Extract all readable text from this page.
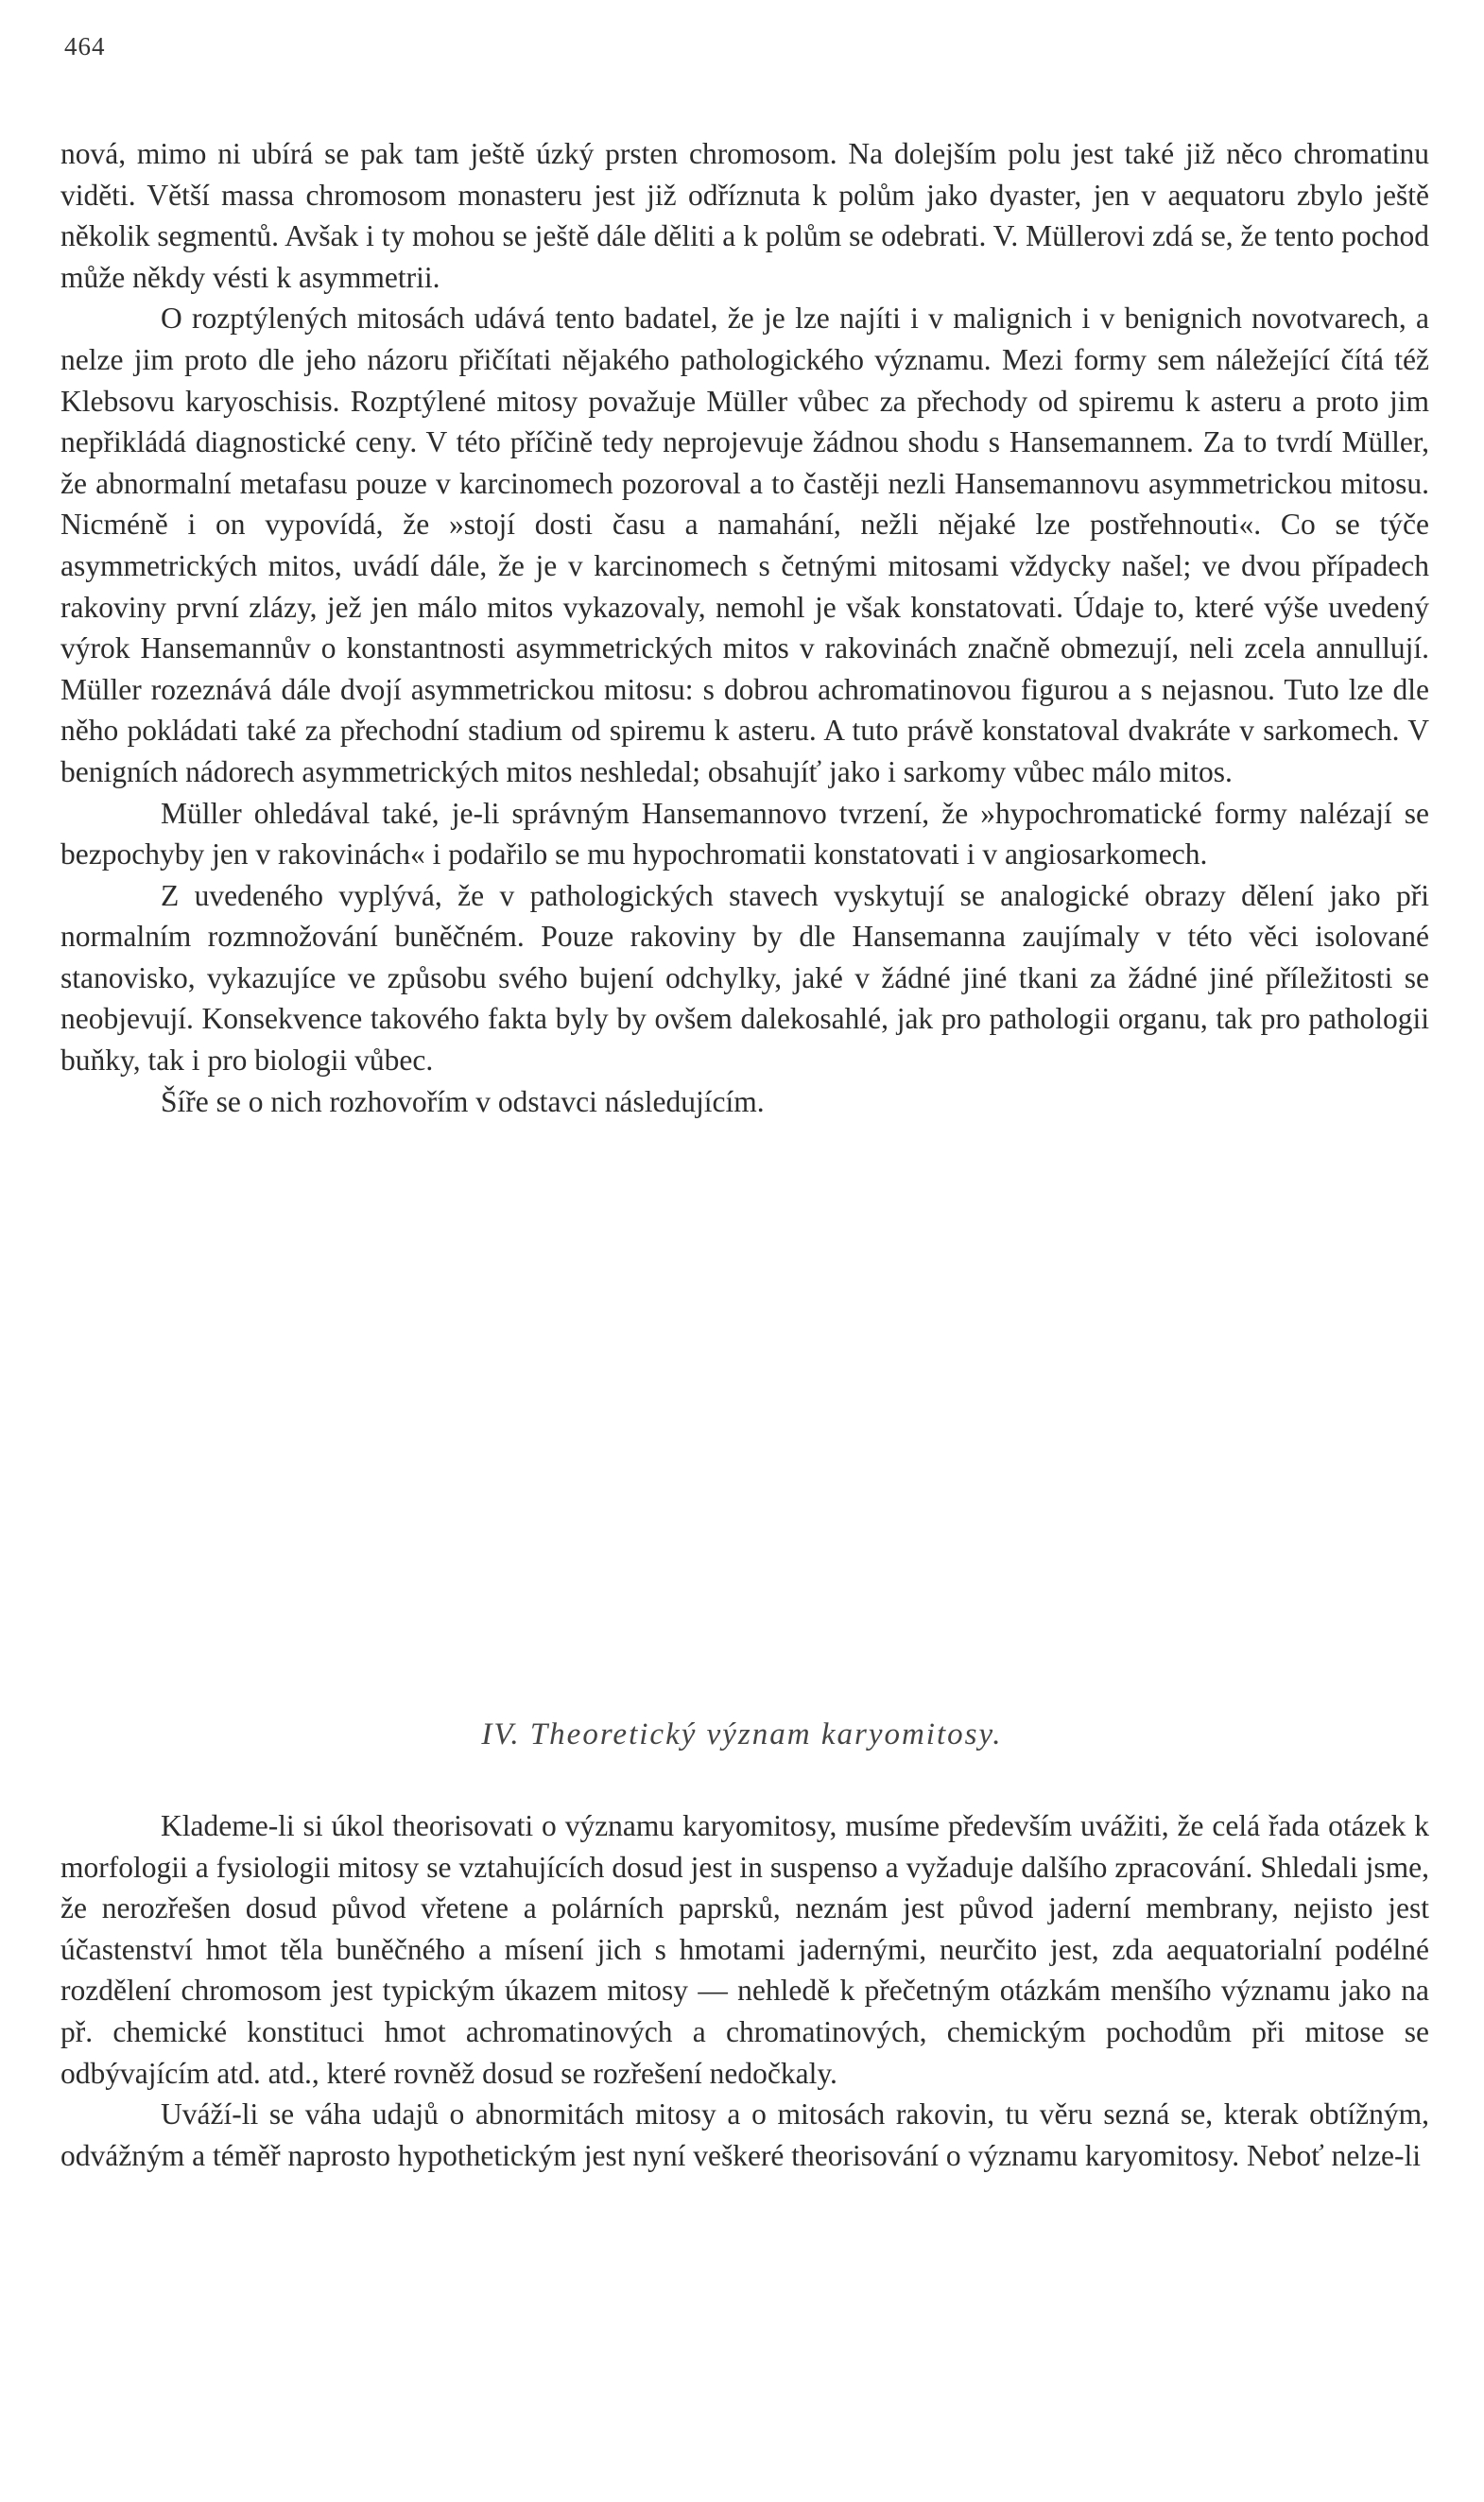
464

nová, mimo ni ubírá se pak tam ještě úzký prsten chromosom. Na dolejším polu jest také již něco chromatinu viděti. Větší massa chromosom monasteru jest již odříznuta k polům jako dyaster, jen v aequatoru zbylo ještě několik segmentů. Avšak i ty mohou se ještě dále děliti a k polům se odebrati. V. Müllerovi zdá se, že tento pochod může někdy vésti k asymmetrii.

O rozptýlených mitosách udává tento badatel, že je lze najíti i v malignich i v benignich novotvarech, a nelze jim proto dle jeho názoru přičítati nějakého pathologického významu. Mezi formy sem náležející čítá též Klebsovu karyoschisis. Rozptýlené mitosy považuje Müller vůbec za přechody od spiremu k asteru a proto jim nepřikládá diagnostické ceny. V této příčině tedy neprojevuje žádnou shodu s Hansemannem. Za to tvrdí Müller, že abnormalní metafasu pouze v karcinomech pozoroval a to častěji nezli Hansemannovu asymmetrickou mitosu. Nicméně i on vypovídá, že »stojí dosti času a namahání, nežli nějaké lze postřehnouti«. Co se týče asymmetrických mitos, uvádí dále, že je v karcinomech s četnými mitosami vždycky našel; ve dvou případech rakoviny první zlázy, jež jen málo mitos vykazovaly, nemohl je však konstatovati. Údaje to, které výše uvedený výrok Hansemannův o konstantnosti asymmetrických mitos v rakovinách značně obmezují, neli zcela annullují. Müller rozeznává dále dvojí asymmetrickou mitosu: s dobrou achromatinovou figurou a s nejasnou. Tuto lze dle něho pokládati také za přechodní stadium od spiremu k asteru. A tuto právě konstatoval dvakráte v sarkomech. V benigních nádorech asymmetrických mitos neshledal; obsahujíť jako i sarkomy vůbec málo mitos.

Müller ohledával také, je-li správným Hansemannovo tvrzení, že »hypochromatické formy nalézají se bezpochyby jen v rakovinách« i podařilo se mu hypochromatii konstatovati i v angiosarkomech.

Z uvedeného vyplývá, že v pathologických stavech vyskytují se analogické obrazy dělení jako při normalním rozmnožování buněčném. Pouze rakoviny by dle Hansemanna zaujímaly v této věci isolované stanovisko, vykazujíce ve způsobu svého bujení odchylky, jaké v žádné jiné tkani za žádné jiné příležitosti se neobjevují. Konsekvence takového fakta byly by ovšem dalekosahlé, jak pro pathologii organu, tak pro pathologii buňky, tak i pro biologii vůbec.

Šíře se o nich rozhovořím v odstavci následujícím.

IV. Theoretický význam karyomitosy.

Klademe-li si úkol theorisovati o významu karyomitosy, musíme především uvážiti, že celá řada otázek k morfologii a fysiologii mitosy se vztahujících dosud jest in suspenso a vyžaduje dalšího zpracování. Shledali jsme, že nerozřešen dosud původ vřetene a polárních paprsků, neznám jest původ jaderní membrany, nejisto jest účastenství hmot těla buněčného a mísení jich s hmotami jadernými, neurčito jest, zda aequatorialní podélné rozdělení chromosom jest typickým úkazem mitosy — nehledě k přečetným otázkám menšího významu jako na př. chemické konstituci hmot achromatinových a chromatinových, chemickým pochodům při mitose se odbývajícím atd. atd., které rovněž dosud se rozřešení nedočkaly.

Uváží-li se váha udajů o abnormitách mitosy a o mitosách rakovin, tu věru sezná se, kterak obtížným, odvážným a téměř naprosto hypothetickým jest nyní veškeré theorisování o významu karyomitosy. Neboť nelze-li
